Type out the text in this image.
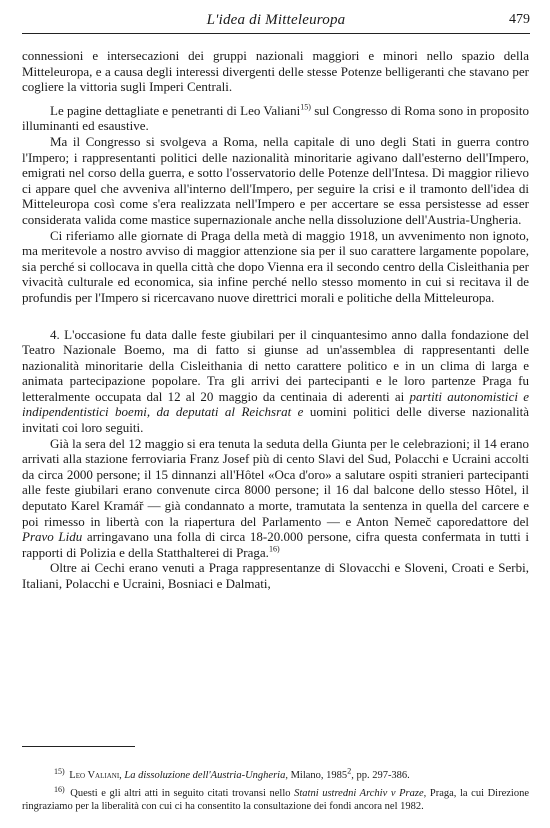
L'idea di Mitteleuropa	479

connessioni e intersecazioni dei gruppi nazionali maggiori e minori nello spazio della Mitteleuropa, e a causa degli interessi divergenti delle stesse Potenze belligeranti che stavano per cogliere la vittoria sugli Imperi Centrali.

Le pagine dettagliate e penetranti di Leo Valiani$^{15)}$ sul Congresso di Roma sono in proposito illuminanti ed esaustive.

Ma il Congresso si svolgeva a Roma, nella capitale di uno degli Stati in guerra contro l'Impero; i rappresentanti politici delle nazionalità minoritarie agivano dall'esterno dell'Impero, emigrati nel corso della guerra, e sotto l'osservatorio delle Potenze dell'Intesa. Di maggior rilievo ci appare quel che avveniva all'interno dell'Impero, per seguire la crisi e il tramonto dell'idea di Mitteleuropa così come s'era realizzata nell'Impero e per accertare se essa persistesse ad esser considerata valida come mastice supernazionale anche nella dissoluzione dell'Austria-Ungheria.

Ci riferiamo alle giornate di Praga della metà di maggio 1918, un avvenimento non ignoto, ma meritevole a nostro avviso di maggior attenzione sia per il suo carattere largamente popolare, sia perché si collocava in quella città che dopo Vienna era il secondo centro della Cisleithania per vivacità culturale ed economica, sia infine perché nello stesso momento in cui si recitava il de profundis per l'Impero si ricercavano nuove direttrici morali e politiche della Mitteleuropa.

4. L'occasione fu data dalle feste giubilari per il cinquantesimo anno dalla fondazione del Teatro Nazionale Boemo, ma di fatto si giunse ad un'assemblea di rappresentanti delle nazionalità minoritarie della Cisleithania di netto carattere politico e in un clima di larga e animata partecipazione popolare. Tra gli arrivi dei partecipanti e le loro partenze Praga fu letteralmente occupata dal 12 al 20 maggio da centinaia di aderenti ai partiti autonomistici e indipendentistici boemi, da deputati al Reichsrat e uomini politici delle diverse nazionalità invitati coi loro seguiti.

Già la sera del 12 maggio si era tenuta la seduta della Giunta per le celebrazioni; il 14 erano arrivati alla stazione ferroviaria Franz Josef più di cento Slavi del Sud, Polacchi e Ucraini accolti da circa 2000 persone; il 15 dinnanzi all'Hôtel «Oca d'oro» a salutare ospiti stranieri partecipanti alle feste giubilari erano convenute circa 8000 persone; il 16 dal balcone dello stesso Hôtel, il deputato Karel Kramář — già condannato a morte, tramutata la sentenza in quella del carcere e poi rimesso in libertà con la riapertura del Parlamento — e Anton Nemeč caporedattore del Pravo Lidu arringavano una folla di circa 18-20.000 persone, cifra questa confermata in tutti i rapporti di Polizia e della Statthalterei di Praga.$^{16)}$

Oltre ai Cechi erano venuti a Praga rappresentanze di Slovacchi e Sloveni, Croati e Serbi, Italiani, Polacchi e Ucraini, Bosniaci e Dalmati,

$^{15)}$ Leo Valiani, La dissoluzione dell'Austria-Ungheria, Milano, 1985$^2$, pp. 297-386.

$^{16)}$ Questi e gli altri atti in seguito citati trovansi nello Statni ustredni Archiv v Praze, Praga, la cui Direzione ringraziamo per la liberalità con cui ci ha consentito la consultazione dei fondi ancora nel 1982.
